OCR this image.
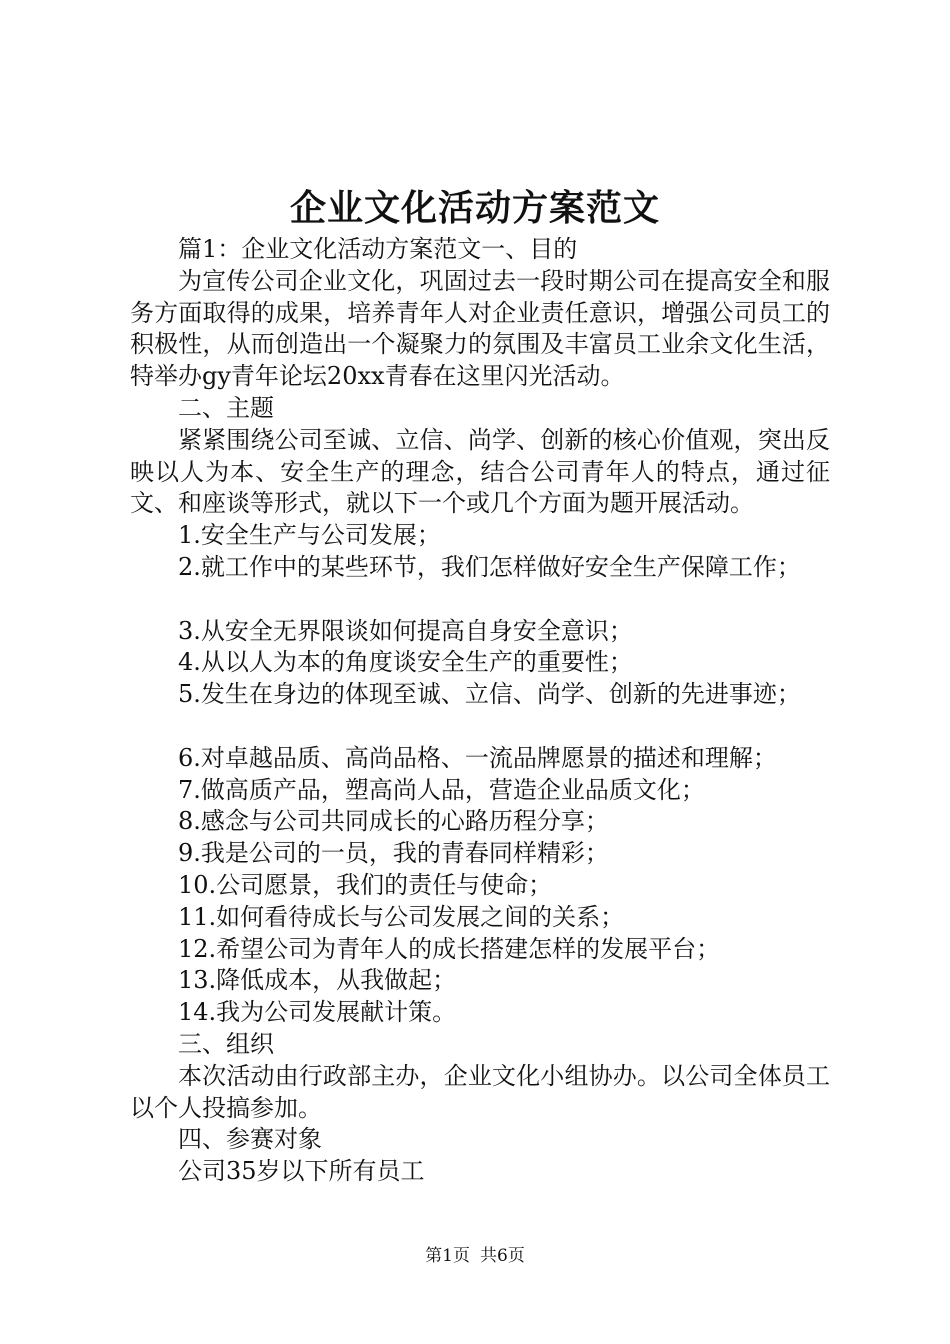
企业文化活动方案范文

篇1：企业文化活动方案范文一、目的

为宣传公司企业文化，巩固过去一段时期公司在提高安全和服务方面取得的成果，培养青年人对企业责任意识，增强公司员工的积极性，从而创造出一个凝聚力的氛围及丰富员工业余文化生活，特举办gy青年论坛20xx青春在这里闪光活动。

二、主题

紧紧围绕公司至诚、立信、尚学、创新的核心价值观，突出反映以人为本、安全生产的理念，结合公司青年人的特点，通过征文、和座谈等形式，就以下一个或几个方面为题开展活动。

1.安全生产与公司发展；

2.就工作中的某些环节，我们怎样做好安全生产保障工作；

3.从安全无界限谈如何提高自身安全意识；

4.从以人为本的角度谈安全生产的重要性；

5.发生在身边的体现至诚、立信、尚学、创新的先进事迹；

6.对卓越品质、高尚品格、一流品牌愿景的描述和理解；

7.做高质产品，塑高尚人品，营造企业品质文化；

8.感念与公司共同成长的心路历程分享；

9.我是公司的一员，我的青春同样精彩；

10.公司愿景，我们的责任与使命；

11.如何看待成长与公司发展之间的关系；

12.希望公司为青年人的成长搭建怎样的发展平台；

13.降低成本，从我做起；

14.我为公司发展献计策。

三、组织

本次活动由行政部主办，企业文化小组协办。以公司全体员工以个人投搞参加。

四、参赛对象

公司35岁以下所有员工

第1页 共6页
